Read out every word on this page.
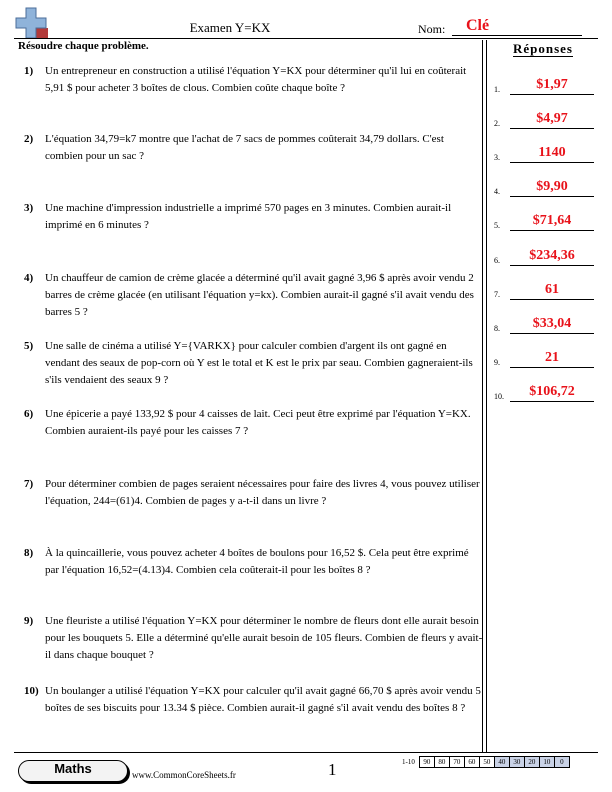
Examen Y=KX	Nom: Clé
Résoudre chaque problème.
1) Un entrepreneur en construction a utilisé l'équation Y=KX pour déterminer qu'il lui en coûterait 5,91 $ pour acheter 3 boîtes de clous. Combien coûte chaque boîte ?
2) L'équation 34,79=k7 montre que l'achat de 7 sacs de pommes coûterait 34,79 dollars. C'est combien pour un sac ?
3) Une machine d'impression industrielle a imprimé 570 pages en 3 minutes. Combien aurait-il imprimé en 6 minutes ?
4) Un chauffeur de camion de crème glacée a déterminé qu'il avait gagné 3,96 $ après avoir vendu 2 barres de crème glacée (en utilisant l'équation y=kx). Combien aurait-il gagné s'il avait vendu des barres 5 ?
5) Une salle de cinéma a utilisé Y={VARKX} pour calculer combien d'argent ils ont gagné en vendant des seaux de pop-corn où Y est le total et K est le prix par seau. Combien gagneraient-ils s'ils vendaient des seaux 9 ?
6) Une épicerie a payé 133,92 $ pour 4 caisses de lait. Ceci peut être exprimé par l'équation Y=KX. Combien auraient-ils payé pour les caisses 7 ?
7) Pour déterminer combien de pages seraient nécessaires pour faire des livres 4, vous pouvez utiliser l'équation, 244=(61)4. Combien de pages y a-t-il dans un livre ?
8) À la quincaillerie, vous pouvez acheter 4 boîtes de boulons pour 16,52 $. Cela peut être exprimé par l'équation 16,52=(4.13)4. Combien cela coûterait-il pour les boîtes 8 ?
9) Une fleuriste a utilisé l'équation Y=KX pour déterminer le nombre de fleurs dont elle aurait besoin pour les bouquets 5. Elle a déterminé qu'elle aurait besoin de 105 fleurs. Combien de fleurs y avait-il dans chaque bouquet ?
10) Un boulanger a utilisé l'équation Y=KX pour calculer qu'il avait gagné 66,70 $ après avoir vendu 5 boîtes de ses biscuits pour 13.34 $ pièce. Combien aurait-il gagné s'il avait vendu des boîtes 8 ?
Réponses
1.	$1,97
2.	$4,97
3.	1140
4.	$9,90
5.	$71,64
6.	$234,36
7.	61
8.	$33,04
9.	21
10.	$106,72
Maths	www.CommonCoreSheets.fr	1	1-10	90	80	70	60	50	40	30	20	10	0
